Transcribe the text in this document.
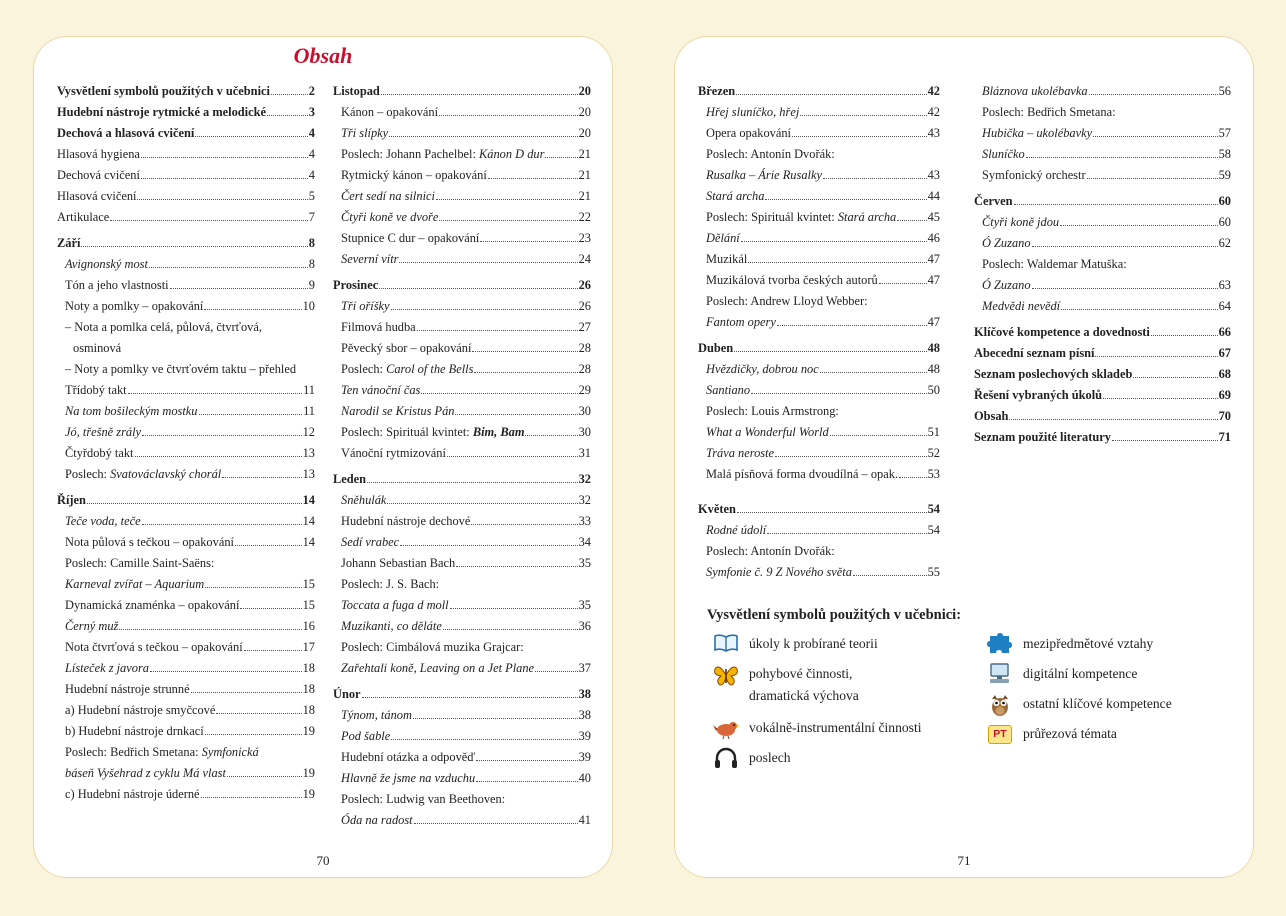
Obsah
Vysvětlení symbolů použitých v učebnici	2
Hudební nástroje rytmické a melodické	3
Dechová a hlasová cvičení	4
Hlasová hygiena	4
Dechová cvičení	4
Hlasová cvičení	5
Artikulace	7
Září	8
Avignonský most	8
Tón a jeho vlastnosti	9
Noty a pomlky – opakování	10
– Nota a pomlka celá, půlová, čtvrťová,
osminová
– Noty a pomlky ve čtvrťovém taktu – přehled
Třídobý takt	11
Na tom bošileckým mostku	11
Jó, třešně zrály	12
Čtyřdobý takt	13
Poslech: Svatováclavský chorál	13
Říjen	14
Teče voda, teče	14
Nota půlová s tečkou – opakování	14
Poslech: Camille Saint-Saëns:
Karneval zvířat – Aquarium	15
Dynamická znaménka – opakování	15
Černý muž	16
Nota čtvrťová s tečkou – opakování	17
Lísteček z javora	18
Hudební nástroje strunné	18
a) Hudební nástroje smyčcové	18
b) Hudební nástroje drnkací	19
Poslech: Bedřich Smetana: Symfonická
báseň Vyšehrad z cyklu Má vlast	19
c) Hudební nástroje úderné	19
Listopad	20
Kánon – opakování	20
Tři slípky	20
Poslech: Johann Pachelbel: Kánon D dur	21
Rytmický kánon – opakování	21
Čert sedí na silnici	21
Čtyři koně ve dvoře	22
Stupnice C dur – opakování	23
Severní vítr	24
Prosinec	26
Tři oříšky	26
Filmová hudba	27
Pěvecký sbor – opakování	28
Poslech: Carol of the Bells	28
Ten vánoční čas	29
Narodil se Kristus Pán	30
Poslech: Spirituál kvintet: Bim, Bam	30
Vánoční rytmizování	31
Leden	32
Sněhulák	32
Hudební nástroje dechové	33
Sedí vrabec	34
Johann Sebastian Bach	35
Poslech: J. S. Bach:
Toccata a fuga d moll	35
Muzikanti, co děláte	36
Poslech: Cimbálová muzika Grajcar:
Zařehtali koně, Leaving on a Jet Plane	37
Únor	38
Týnom, tánom	38
Pod šable	39
Hudební otázka a odpověď	39
Hlavně že jsme na vzduchu	40
Poslech: Ludwig van Beethoven:
Óda na radost	41
70
Březen	42
Hřej sluníčko, hřej	42
Opera opakování	43
Poslech: Antonín Dvořák:
Rusalka – Árie Rusalky	43
Stará archa	44
Poslech: Spirituál kvintet: Stará archa	45
Dělání	46
Muzikál	47
Muzikálová tvorba českých autorů	47
Poslech: Andrew Lloyd Webber:
Fantom opery	47
Duben	48
Hvězdičky, dobrou noc	48
Santiano	50
Poslech: Louis Armstrong:
What a Wonderful World	51
Tráva neroste	52
Malá písňová forma dvoudílná – opak. 53
Květen	54
Rodné údolí	54
Poslech: Antonín Dvořák:
Symfonie č. 9 Z Nového světa	55
Bláznova ukolébavka	56
Poslech: Bedřich Smetana:
Hubička – ukolébavky	57
Sluníčko	58
Symfonický orchestr	59
Červen	60
Čtyři koně jdou	60
Ó Zuzano	62
Poslech: Waldemar Matuška:
Ó Zuzano	63
Medvědi nevědí	64
Klíčové kompetence a dovednosti	66
Abecední seznam písní	67
Seznam poslechových skladeb	68
Řešení vybraných úkolů	69
Obsah	70
Seznam použité literatury	71
Vysvětlení symbolů použitých v učebnici:
úkoly k probírané teorii
pohybové činnosti,
dramatická výchova
vokálně-instrumentální činnosti
poslech
mezipředmětové vztahy
digitální kompetence
ostatní klíčové kompetence
PT	průřezová témata
71
